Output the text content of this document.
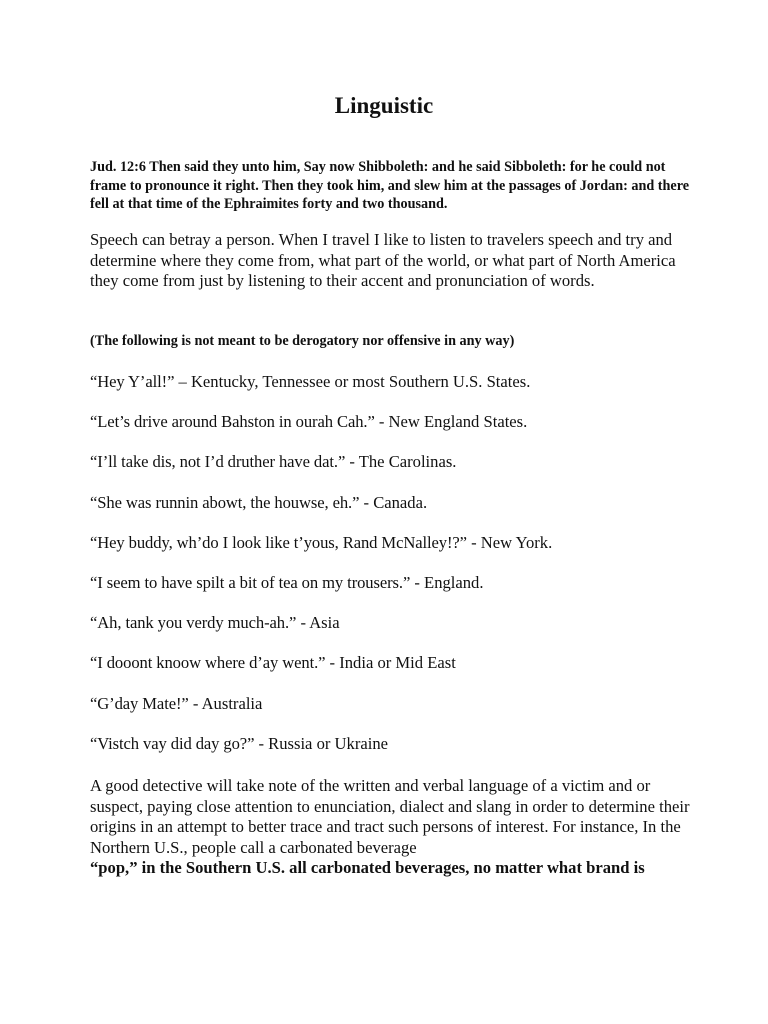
Linguistic

Jud. 12:6 Then said they unto him, Say now Shibboleth: and he said Sibboleth: for he could not frame to pronounce it right. Then they took him, and slew him at the passages of Jordan: and there fell at that time of the Ephraimites forty and two thousand.

Speech can betray a person. When I travel I like to listen to travelers speech and try and determine where they come from, what part of the world, or what part of North America they come from just by listening to their accent and pronunciation of words.

(The following is not meant to be derogatory nor offensive in any way)

“Hey Y’all!” – Kentucky, Tennessee or most Southern U.S. States.

“Let’s drive around Bahston in ourah Cah.” - New England States.

“I’ll take dis, not I’d druther have dat.” - The Carolinas.

“She was runnin abowt, the houwse, eh.” - Canada.

“Hey buddy, wh’do I look like t’yous, Rand McNalley!?” - New York.

“I seem to have spilt a bit of tea on my trousers.” - England.

“Ah, tank you verdy much-ah.” - Asia

“I dooont knoow where d’ay went.” - India or Mid East

“G’day Mate!” - Australia

“Vistch vay did day go?” - Russia or Ukraine

A good detective will take note of the written and verbal language of a victim and or suspect, paying close attention to enunciation, dialect and slang in order to determine their origins in an attempt to better trace and tract such persons of interest. For instance, In the Northern U.S., people call a carbonated beverage
“pop,” in the Southern U.S. all carbonated beverages, no matter what brand is
